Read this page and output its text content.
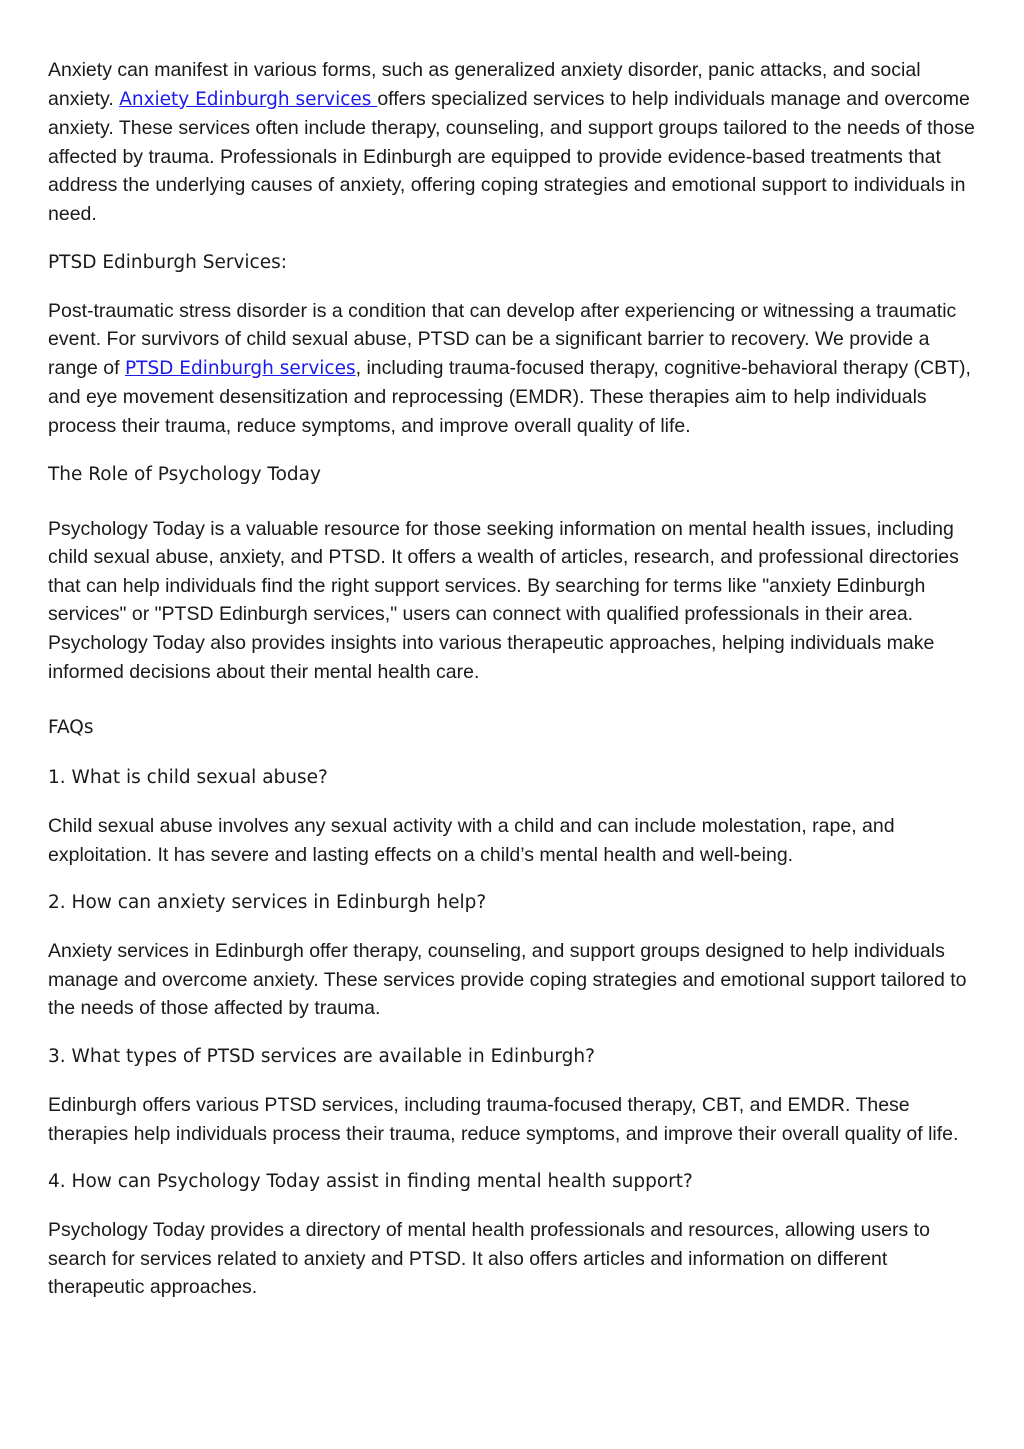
Anxiety can manifest in various forms, such as generalized anxiety disorder, panic attacks, and social anxiety. Anxiety Edinburgh services offers specialized services to help individuals manage and overcome anxiety. These services often include therapy, counseling, and support groups tailored to the needs of those affected by trauma. Professionals in Edinburgh are equipped to provide evidence-based treatments that address the underlying causes of anxiety, offering coping strategies and emotional support to individuals in need.

PTSD Edinburgh Services:

Post-traumatic stress disorder is a condition that can develop after experiencing or witnessing a traumatic event. For survivors of child sexual abuse, PTSD can be a significant barrier to recovery. We provide a range of PTSD Edinburgh services, including trauma-focused therapy, cognitive-behavioral therapy (CBT), and eye movement desensitization and reprocessing (EMDR). These therapies aim to help individuals process their trauma, reduce symptoms, and improve overall quality of life.

The Role of Psychology Today

Psychology Today is a valuable resource for those seeking information on mental health issues, including child sexual abuse, anxiety, and PTSD. It offers a wealth of articles, research, and professional directories that can help individuals find the right support services. By searching for terms like "anxiety Edinburgh services" or "PTSD Edinburgh services," users can connect with qualified professionals in their area. Psychology Today also provides insights into various therapeutic approaches, helping individuals make informed decisions about their mental health care.

FAQs

1. What is child sexual abuse?

Child sexual abuse involves any sexual activity with a child and can include molestation, rape, and exploitation. It has severe and lasting effects on a child’s mental health and well-being.

2. How can anxiety services in Edinburgh help?

Anxiety services in Edinburgh offer therapy, counseling, and support groups designed to help individuals manage and overcome anxiety. These services provide coping strategies and emotional support tailored to the needs of those affected by trauma.

3. What types of PTSD services are available in Edinburgh?

Edinburgh offers various PTSD services, including trauma-focused therapy, CBT, and EMDR. These therapies help individuals process their trauma, reduce symptoms, and improve their overall quality of life.

4. How can Psychology Today assist in finding mental health support?

Psychology Today provides a directory of mental health professionals and resources, allowing users to search for services related to anxiety and PTSD. It also offers articles and information on different therapeutic approaches.
